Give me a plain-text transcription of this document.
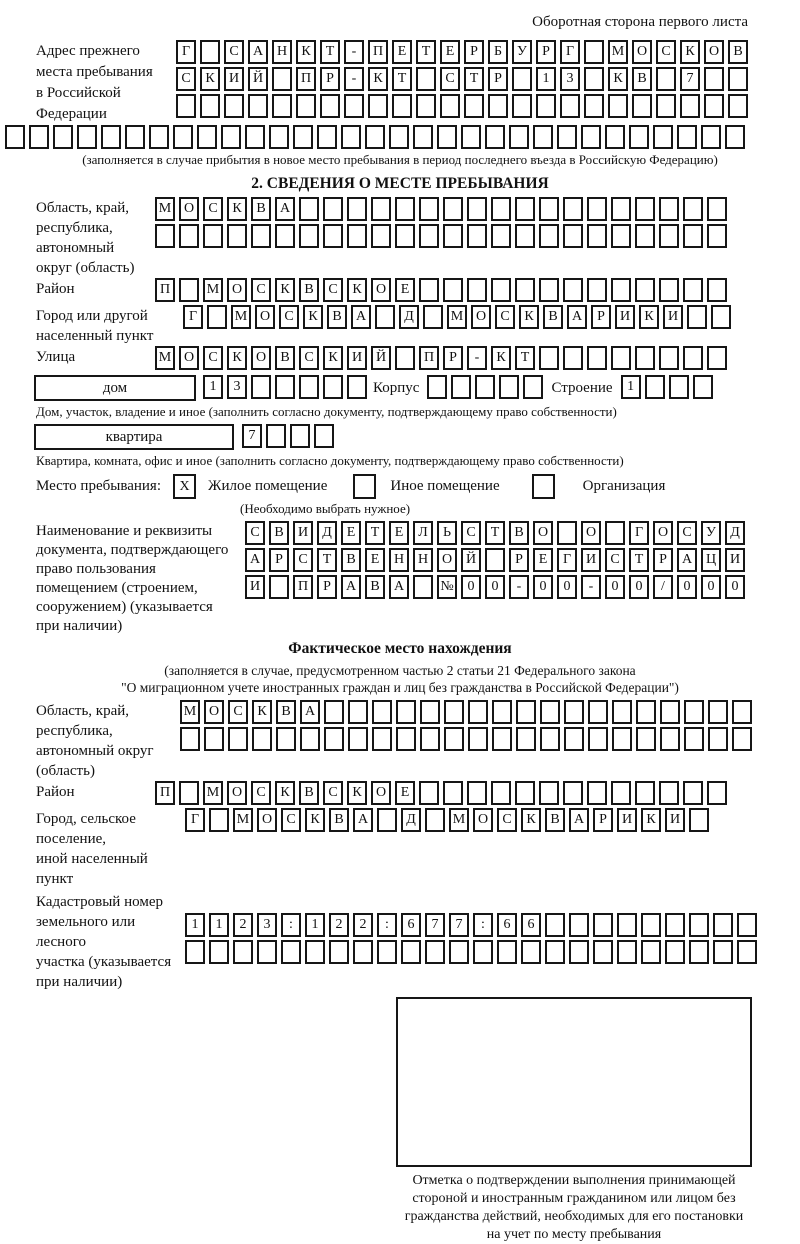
Оборотная сторона первого листа
Адрес прежнего
места пребывания
в Российской
Федерации
Г	С А Н К Т - П Е Т Е Р Б У Р Г	М О С К О В
С К И Й	П Р - К Т	С Т Р	1 3	К В	7
(заполняется в случае прибытия в новое место пребывания в период последнего въезда в Российскую Федерацию)
2. СВЕДЕНИЯ О МЕСТЕ ПРЕБЫВАНИЯ
Область, край,
республика,
автономный
округ (область)
М О С К В А
Район	П	М О С К В С К О Е
Город или другой
населенный пункт
Г	М О С К В А	Д	М О С К В А Р И К И
Улица	М О С К О В С К И Й	П Р - К Т
дом	1 3	Корпус	Строение	1
Дом, участок, владение и иное (заполнить согласно документу, подтверждающему право собственности)
квартира	7
Квартира, комната, офис и иное (заполнить согласно документу, подтверждающему право собственности)
Место пребывания:	X	Жилое помещение	Иное помещение	Организация
(Необходимо выбрать нужное)
Наименование и реквизиты
документа, подтверждающего
право пользования
помещением (строением,
сооружением) (указывается
при наличии)
С В И Д Е Т Е Л Ь С Т В О	О	Г О С У Д
А Р С Т В Е Н Н О Й	Р Е Г И С Т Р А Ц И
И	П Р А В А	№ 0 0 - 0 0 - 0 0 / 0 0 0
Фактическое место нахождения
(заполняется в случае, предусмотренном частью 2 статьи 21 Федерального закона
"О миграционном учете иностранных граждан и лиц без гражданства в Российской Федерации")
Область, край,
республика,
автономный округ
(область)
М О С К В А
Район	П	М О С К В С К О Е
Город, сельское поселение,
иной населенный пункт
Г	М О С К В А	Д	М О С К В А Р И К И
Кадастровый номер
земельного или лесного
участка (указывается
при наличии)
1 1 2 3 : 1 2 2 : 6 7 7 : 6 6
Отметка о подтверждении выполнения принимающей
стороной и иностранным гражданином или лицом без
гражданства действий, необходимых для его постановки
на учет по месту пребывания
